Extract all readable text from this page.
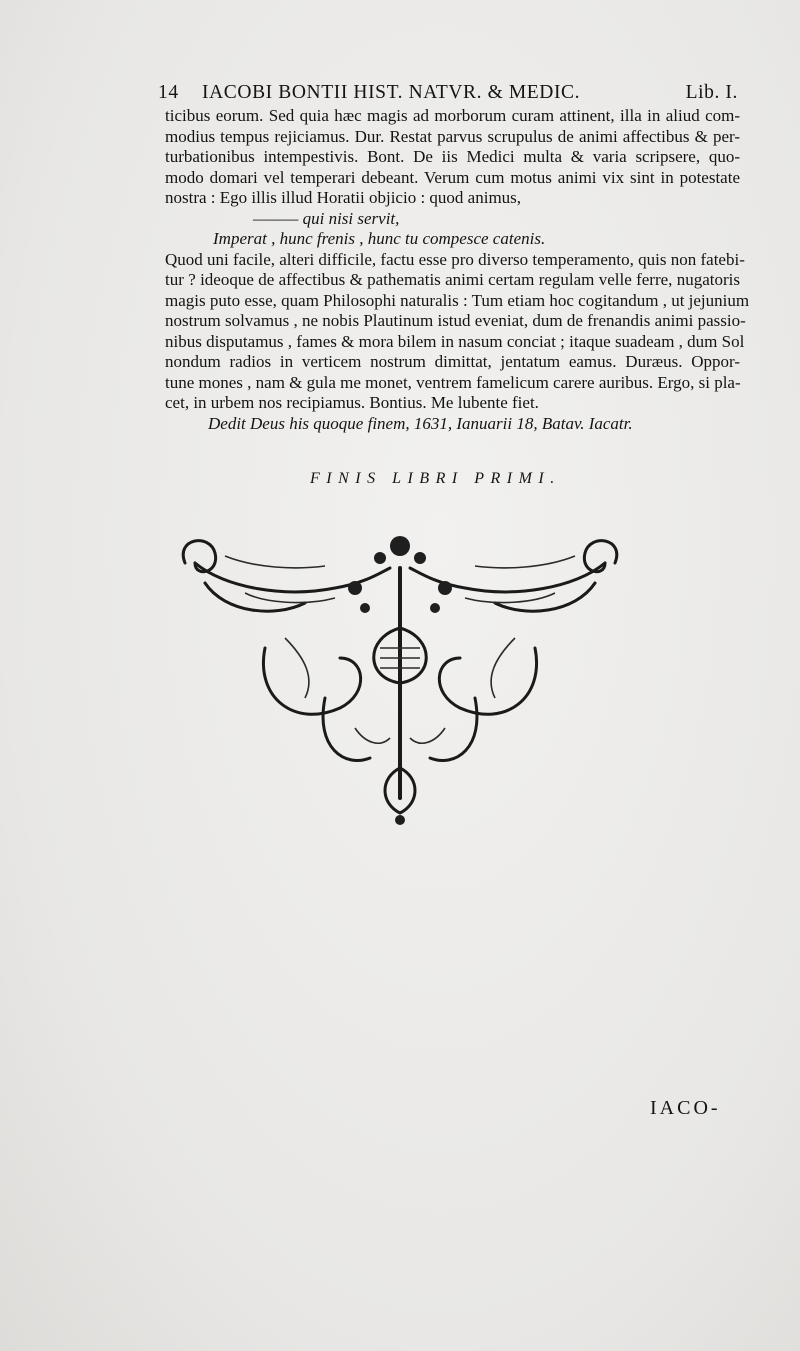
14 IACOBI BONTII HIST. NATVR. & MEDIC.	Lib. I.
ticibus eorum. Sed quia hæc magis ad morborum curam attinent, illa in aliud com-
modius tempus rejiciamus. Dur. Restat parvus scrupulus de animi affectibus & per-
turbationibus intempestivis. Bont. De iis Medici multa & varia scripsere, quo-
modo domari vel temperari debeant. Verum cum motus animi vix sint in potestate
nostra : Ego illis illud Horatii objicio : quod animus,
——— qui nisi servit,
Imperat , hunc frenis , hunc tu compesce catenis.
Quod uni facile, alteri difficile, factu esse pro diverso temperamento, quis non fatebi-
tur ? ideoque de affectibus & pathematis animi certam regulam velle ferre, nugatoris
magis puto esse, quam Philosophi naturalis : Tum etiam hoc cogitandum , ut jejunium
nostrum solvamus , ne nobis Plautinum istud eveniat, dum de frenandis animi passio-
nibus disputamus , fames & mora bilem in nasum conciat ; itaque suadeam , dum Sol
nondum radios in verticem nostrum dimittat, jentatum eamus. Duræus. Oppor-
tune mones , nam & gula me monet, ventrem famelicum carere auribus. Ergo, si pla-
cet, in urbem nos recipiamus. Bontius. Me lubente fiet.
Dedit Deus his quoque finem, 1631, Ianuarii 18, Batav. Iacatr.
FINIS LIBRI PRIMI.
IACO-
